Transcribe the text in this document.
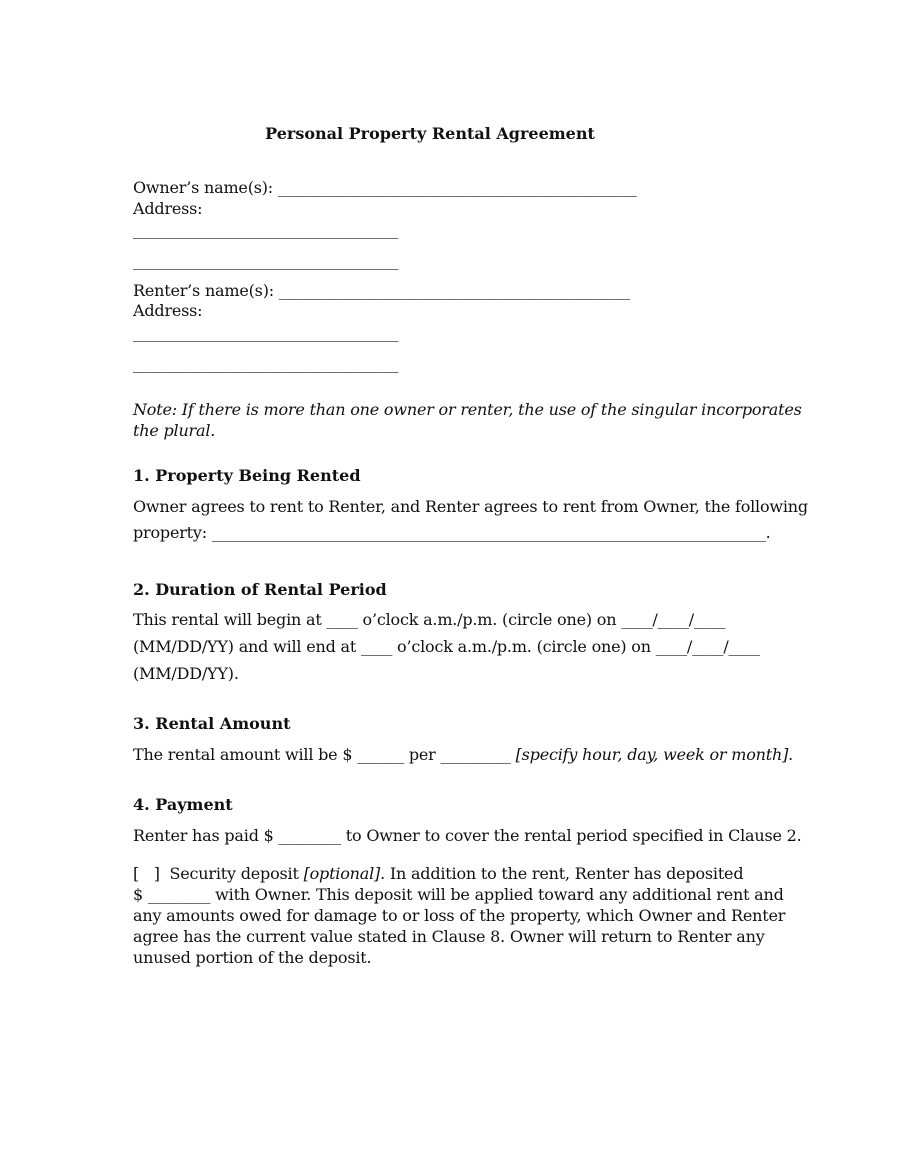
Personal Property Rental Agreement
Owner’s name(s): ______________________________________________
Address:
__________________________________
__________________________________
Renter’s name(s): _____________________________________________
Address:
__________________________________
__________________________________
Note: If there is more than one owner or renter, the use of the singular incorporates
the plural.
1. Property Being Rented
Owner agrees to rent to Renter, and Renter agrees to rent from Owner, the following
property: _______________________________________________________________________.
2. Duration of Rental Period
This rental will begin at ____ o’clock a.m./p.m. (circle one) on ____/____/____
(MM/DD/YY) and will end at ____ o’clock a.m./p.m. (circle one) on ____/____/____
(MM/DD/YY).
3. Rental Amount
The rental amount will be $ ______ per _________ [specify hour, day, week or month].
4. Payment
Renter has paid $ ________ to Owner to cover the rental period specified in Clause 2.
[   ]  Security deposit [optional]. In addition to the rent, Renter has deposited
$ ________ with Owner. This deposit will be applied toward any additional rent and
any amounts owed for damage to or loss of the property, which Owner and Renter
agree has the current value stated in Clause 8. Owner will return to Renter any
unused portion of the deposit.
